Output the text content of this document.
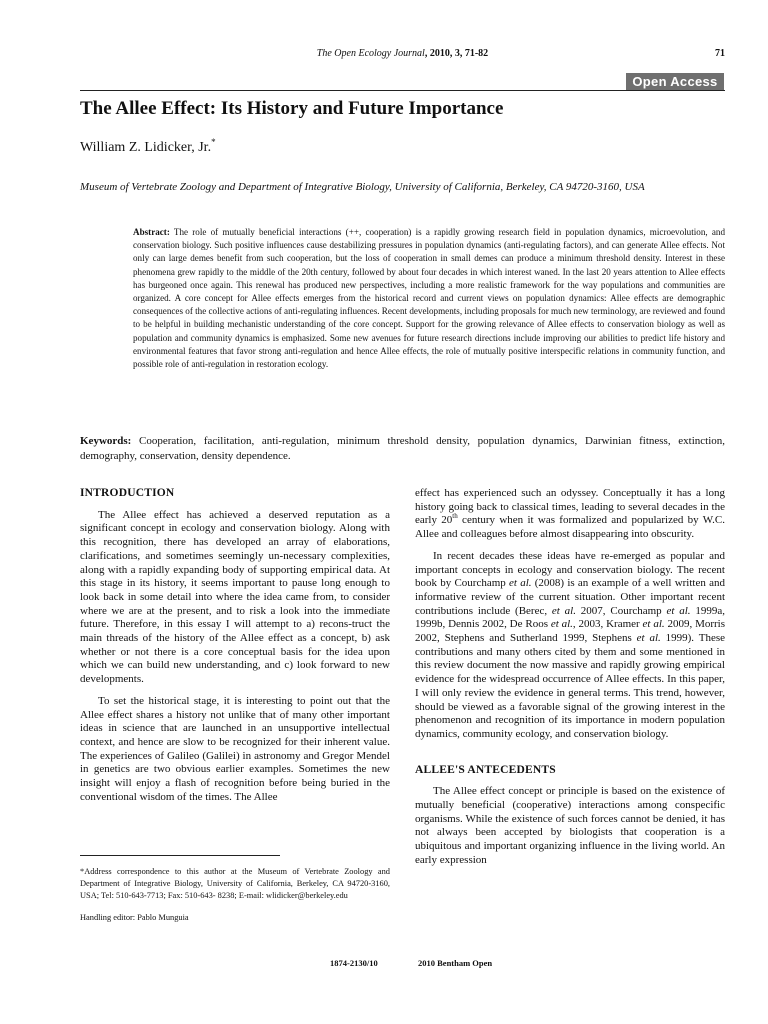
The Open Ecology Journal, 2010, 3, 71-82	71
Open Access
The Allee Effect: Its History and Future Importance
William Z. Lidicker, Jr.*
Museum of Vertebrate Zoology and Department of Integrative Biology, University of California, Berkeley, CA 94720-3160, USA

Abstract: The role of mutually beneficial interactions (++, cooperation) is a rapidly growing research field in population dynamics, microevolution, and conservation biology. Such positive influences cause destabilizing pressures in population dynamics (anti-regulating factors), and can generate Allee effects. Not only can large demes benefit from such cooperation, but the loss of cooperation in small demes can produce a minimum threshold density. Interest in these phenomena grew rapidly to the middle of the 20th century, followed by about four decades in which interest waned. In the last 20 years attention to Allee effects has burgeoned once again. This renewal has produced new perspectives, including a more realistic framework for the way populations and communities are organized. A core concept for Allee effects emerges from the historical record and current views on population dynamics: Allee effects are demographic consequences of the collective actions of anti-regulating influences. Recent developments, including proposals for much new terminology, are reviewed and found to be helpful in building mechanistic understanding of the core concept. Support for the growing relevance of Allee effects to conservation biology as well as population and community dynamics is emphasized. Some new avenues for future research directions include improving our abilities to predict life history and environmental features that favor strong anti-regulation and hence Allee effects, the role of mutually positive interspecific relations in community function, and possible role of anti-regulation in restoration ecology.

Keywords: Cooperation, facilitation, anti-regulation, minimum threshold density, population dynamics, Darwinian fitness, extinction, demography, conservation, density dependence.
INTRODUCTION

The Allee effect has achieved a deserved reputation as a significant concept in ecology and conservation biology. Along with this recognition, there has developed an array of elaborations, clarifications, and sometimes seemingly un-necessary complexities, along with a rapidly expanding body of supporting empirical data. At this stage in its history, it seems important to pause long enough to look back in some detail into where the idea came from, to consider where we are at the present, and to risk a look into the immediate future. Therefore, in this essay I will attempt to a) recons-truct the main threads of the history of the Allee effect as a concept, b) ask whether or not there is a core conceptual basis for the idea upon which we can build new understanding, and c) look forward to new developments.

To set the historical stage, it is interesting to point out that the Allee effect shares a history not unlike that of many other important ideas in science that are launched in an unsupportive intellectual context, and hence are slow to be recognized for their inherent value. The experiences of Galileo (Galilei) in astronomy and Gregor Mendel in genetics are two obvious earlier examples. Sometimes the new insight will enjoy a flash of recognition before being buried in the conventional wisdom of the times. The Allee

effect has experienced such an odyssey. Conceptually it has a long history going back to classical times, leading to several decades in the early 20th century when it was formalized and popularized by W.C. Allee and colleagues before almost disappearing into obscurity.

In recent decades these ideas have re-emerged as popular and important concepts in ecology and conservation biology. The recent book by Courchamp et al. (2008) is an example of a well written and informative review of the current situation. Other important recent contributions include (Berec, et al. 2007, Courchamp et al. 1999a, 1999b, Dennis 2002, De Roos et al., 2003, Kramer et al. 2009, Morris 2002, Stephens and Sutherland 1999, Stephens et al. 1999). These contributions and many others cited by them and some mentioned in this review document the now massive and rapidly growing empirical evidence for the widespread occurrence of Allee effects. In this paper, I will only review the evidence in general terms. This trend, however, should be viewed as a favorable signal of the growing interest in the phenomenon and recognition of its importance in modern population dynamics, community ecology, and conservation biology.

ALLEE'S ANTECEDENTS

The Allee effect concept or principle is based on the existence of mutually beneficial (cooperative) interactions among conspecific organisms. While the existence of such forces cannot be denied, it has not always been accepted by biologists that cooperation is a ubiquitous and important organizing influence in the living world. An early expression

*Address correspondence to this author at the Museum of Vertebrate Zoology and Department of Integrative Biology, University of California, Berkeley, CA 94720-3160, USA; Tel: 510-643-7713; Fax: 510-643- 8238; E-mail: wlidicker@berkeley.edu
Handling editor: Pablo Munguia
1874-2130/10	2010 Bentham Open
